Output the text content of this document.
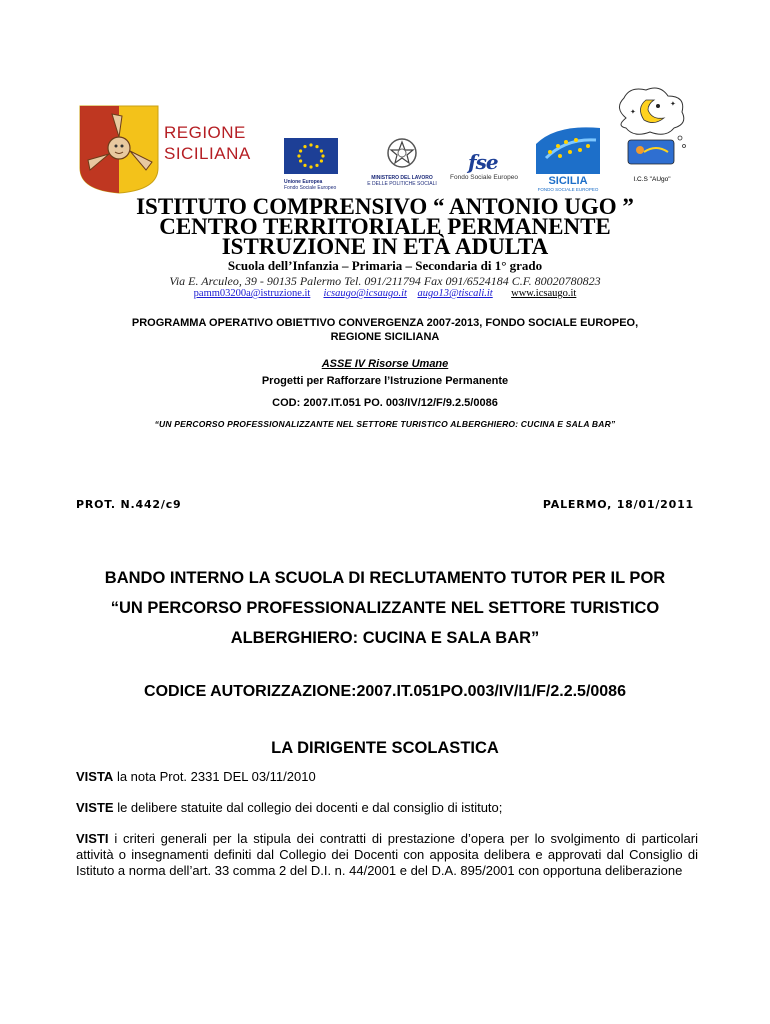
REGIONE
SICILIANA
Unione Europea
Fondo Sociale Europeo
MINISTERO DEL LAVORO
E DELLE POLITICHE SOCIALI
fse
Fondo Sociale Europeo	SICILIA
FONDO SOCIALE EUROPEO
✦
✦
I.C.S "AUgo"
ISTITUTO COMPRENSIVO “ ANTONIO UGO ”
CENTRO TERRITORIALE PERMANENTE
ISTRUZIONE IN ETÀ ADULTA
Scuola dell’Infanzia – Primaria – Secondaria di 1° grado
Via E. Arculeo, 39 - 90135 Palermo Tel. 091/211794 Fax 091/6524184 C.F. 80020780823
pamm03200a@istruzione.it icsaugo@icsaugo.it augo13@tiscali.it www.icsaugo.it
PROGRAMMA OPERATIVO OBIETTIVO CONVERGENZA 2007-2013, FONDO SOCIALE EUROPEO,
REGIONE SICILIANA
ASSE IV Risorse Umane
Progetti per Rafforzare l’Istruzione Permanente
COD: 2007.IT.051 PO. 003/IV/12/F/9.2.5/0086
“UN PERCORSO PROFESSIONALIZZANTE NEL SETTORE TURISTICO ALBERGHIERO: CUCINA E SALA BAR”
PROT. N.442/c9	PALERMO, 18/01/2011
BANDO INTERNO LA SCUOLA DI RECLUTAMENTO TUTOR PER IL POR
“UN PERCORSO PROFESSIONALIZZANTE NEL SETTORE TURISTICO
ALBERGHIERO: CUCINA E SALA BAR”
CODICE AUTORIZZAZIONE:2007.IT.051PO.003/IV/I1/F/2.2.5/0086
LA DIRIGENTE SCOLASTICA
VISTA la nota Prot. 2331 DEL 03/11/2010
VISTE le delibere statuite dal collegio dei docenti e dal consiglio di istituto;
VISTI i criteri generali per la stipula dei contratti di prestazione d’opera per lo svolgimento di particolari attività o insegnamenti definiti dal Collegio dei Docenti con apposita delibera e approvati dal Consiglio di Istituto a norma dell’art. 33 comma 2 del D.I. n. 44/2001 e del D.A. 895/2001 con opportuna deliberazione
